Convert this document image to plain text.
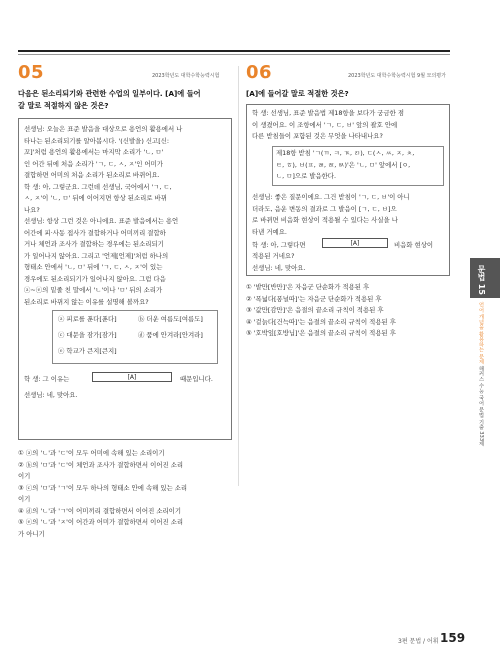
05	2023학년도 대학수학능력시험
다음은 된소리되기와 관련한 수업의 일부이다. [A]에 들어
갈 말로 적절하지 않은 것은?
선생님: 오늘은 표준 발음을 대상으로 용언의 활용에서 나
타나는 된소리되기를 알아봅시다. '(신발을) 신고[신:
꼬]'처럼 용언의 활용에서는 마지막 소리가 'ㄴ, ㅁ'
인 어간 뒤에 처음 소리가 'ㄱ, ㄷ, ㅅ, ㅈ'인 어미가
결합하면 어미의 처음 소리가 된소리로 바뀌어요.
학 생: 아, 그렇군요. 그런데 선생님, 국어에서 'ㄱ, ㄷ,
ㅅ, ㅈ'이 'ㄴ, ㅁ' 뒤에 이어지면 항상 된소리로 바뀌
나요?
선생님: 항상 그런 것은 아니에요. 표준 발음에서는 용언
어간에 피·사동 접사가 결합하거나 어미끼리 결합하
거나 체언과 조사가 결합하는 경우에는 된소리되기
가 일어나지 않아요. 그리고 '언제[언제]'처럼 하나의
형태소 안에서 'ㄴ, ㅁ' 뒤에 'ㄱ, ㄷ, ㅅ, ㅈ'이 있는
경우에도 된소리되기가 일어나지 않아요. 그럼 다음
ⓐ~ⓔ의 밑줄 친 말에서 'ㄴ'이나 'ㅁ' 뒤의 소리가
된소리로 바뀌지 않는 이유를 설명해 볼까요?
ⓐ 피로를 푼다[푼다]	ⓑ 더운 여름도[여름도]
ⓒ 대문을 잠가[잠가]	ⓓ 품에 안겨라[안겨라]
ⓔ 학교가 큰지[큰지]
학 생: 그 이유는	[A]	때문입니다.
선생님: 네, 맞아요.
① ⓐ의 'ㄴ'과 'ㄷ'이 모두 어미에 속해 있는 소리이기
② ⓑ의 'ㅁ'과 'ㄷ'이 체언과 조사가 결합하면서 이어진 소리
이기
③ ⓒ의 'ㅁ'과 'ㄱ'이 모두 하나의 형태소 안에 속해 있는 소리
이기
④ ⓓ의 'ㄴ'과 'ㄱ'이 어미끼리 결합하면서 이어진 소리이기
⑤ ⓔ의 'ㄴ'과 'ㅈ'이 어간과 어미가 결합하면서 이어진 소리
가 아니기
06	2023학년도 대학수학능력시험 9월 모의평가
[A]에 들어갈 말로 적절한 것은?
학 생: 선생님, 표준 발음법 제18항을 보다가 궁금한 점
이 생겼어요. 이 조항에서 'ㄱ, ㄷ, ㅂ' 앞의 괄호 안에
다른 받침들이 포함된 것은 무엇을 나타내나요?
제18항 받침 'ㄱ(ㄲ, ㅋ, ㄳ, ㄺ), ㄷ(ㅅ, ㅆ, ㅈ, ㅊ,
ㅌ, ㅎ), ㅂ(ㅍ, ㄼ, ㄿ, ㅄ)'은 'ㄴ, ㅁ' 앞에서 [ㅇ,
ㄴ, ㅁ]으로 발음한다.
선생님: 좋은 질문이에요. 그건 받침이 'ㄱ, ㄷ, ㅂ'이 아니
더라도, 음운 변동의 결과로 그 발음이 [ㄱ, ㄷ, ㅂ]으
로 바뀌면 비음화 현상이 적용될 수 있다는 사실을 나
타낸 거예요.
학 생: 아, 그렇다면	[A]	비음화 현상이
적용된 거네요?
선생님: 네, 맞아요.
① '밭만[반만]'은 자음군 단순화가 적용된 후
② '폭넓다[퐁널따]'는 자음군 단순화가 적용된 후
③ '값만[감만]'은 음절의 끝소리 규칙이 적용된 후
④ '겉늙다[건늑따]'는 음절의 끝소리 규칙이 적용된 후
⑤ '호박잎[호방닙]'은 음절의 끝소리 규칙이 적용된 후
문법 15
언어 개념을 활용하는 문제 해커스 수능 국어 문법 기출 333제
3편 문법 / 어휘 159
